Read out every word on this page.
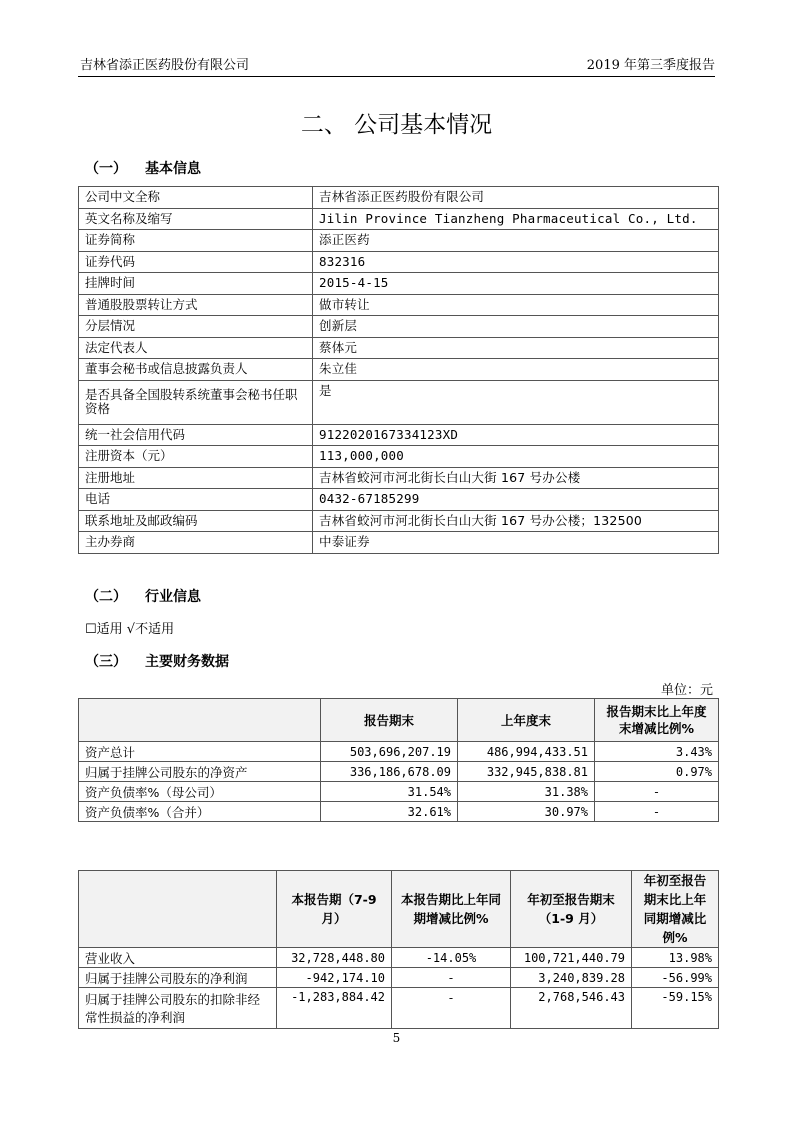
吉林省添正医药股份有限公司	2019 年第三季度报告
二、 公司基本情况
（一） 基本信息
公司中文全称	吉林省添正医药股份有限公司
英文名称及缩写	Jilin Province Tianzheng Pharmaceutical Co., Ltd.
证券简称	添正医药
证券代码	832316
挂牌时间	2015-4-15
普通股股票转让方式	做市转让
分层情况	创新层
法定代表人	蔡体元
董事会秘书或信息披露负责人	朱立佳
是否具备全国股转系统董事会秘书任职资格	是
统一社会信用代码	9122020167334123XD
注册资本（元）	113,000,000
注册地址	吉林省蛟河市河北街长白山大街 167 号办公楼
电话	0432-67185299
联系地址及邮政编码	吉林省蛟河市河北街长白山大街 167 号办公楼；132500
主办券商	中泰证券
（二） 行业信息
☐适用 √不适用
（三） 主要财务数据
单位：元
	报告期末	上年度末	报告期末比上年度末增减比例%
资产总计	503,696,207.19	486,994,433.51	3.43%
归属于挂牌公司股东的净资产	336,186,678.09	332,945,838.81	0.97%
资产负债率%（母公司）	31.54%	31.38%	-
资产负债率%（合并）	32.61%	30.97%	-
	本报告期（7-9 月）	本报告期比上年同期增减比例%	年初至报告期末（1-9 月）	年初至报告期末比上年同期增减比例%
营业收入	32,728,448.80	-14.05%	100,721,440.79	13.98%
归属于挂牌公司股东的净利润	-942,174.10	-	3,240,839.28	-56.99%
归属于挂牌公司股东的扣除非经常性损益的净利润	-1,283,884.42	-	2,768,546.43	-59.15%
5
